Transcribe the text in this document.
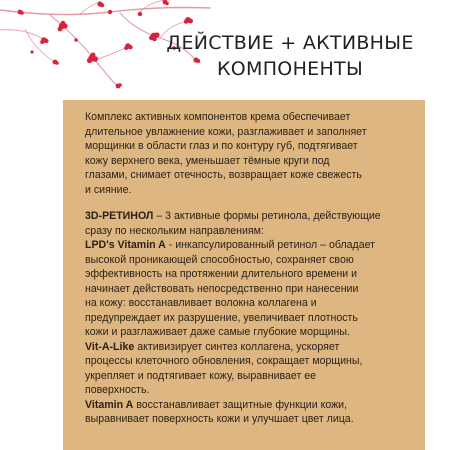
ДЕЙСТВИЕ + АКТИВНЫЕ
КОМПОНЕНТЫ
Комплекс активных компонентов крема обеспечивает
длительное увлажнение кожи, разглаживает и заполняет
морщинки в области глаз и по контуру губ, подтягивает
кожу верхнего века, уменьшает тёмные круги под
глазами, снимает отечность, возвращает коже свежесть
и сияние.
3D-РЕТИНОЛ – 3 активные формы ретинола, действующие
сразу по нескольким направлениям:
LPD's Vitamin A - инкапсулированный ретинол – обладает
высокой проникающей способностью, сохраняет свою
эффективность на протяжении длительного времени и
начинает действовать непосредственно при нанесении
на кожу: восстанавливает волокна коллагена и
предупреждает их разрушение, увеличивает плотность
кожи и разглаживает даже самые глубокие морщины.
Vit-A-Like активизирует синтез коллагена, ускоряет
процессы клеточного обновления, сокращает морщины,
укрепляет и подтягивает кожу, выравнивает ее
поверхность.
Vitamin A восстанавливает защитные функции кожи,
выравнивает поверхность кожи и улучшает цвет лица.
